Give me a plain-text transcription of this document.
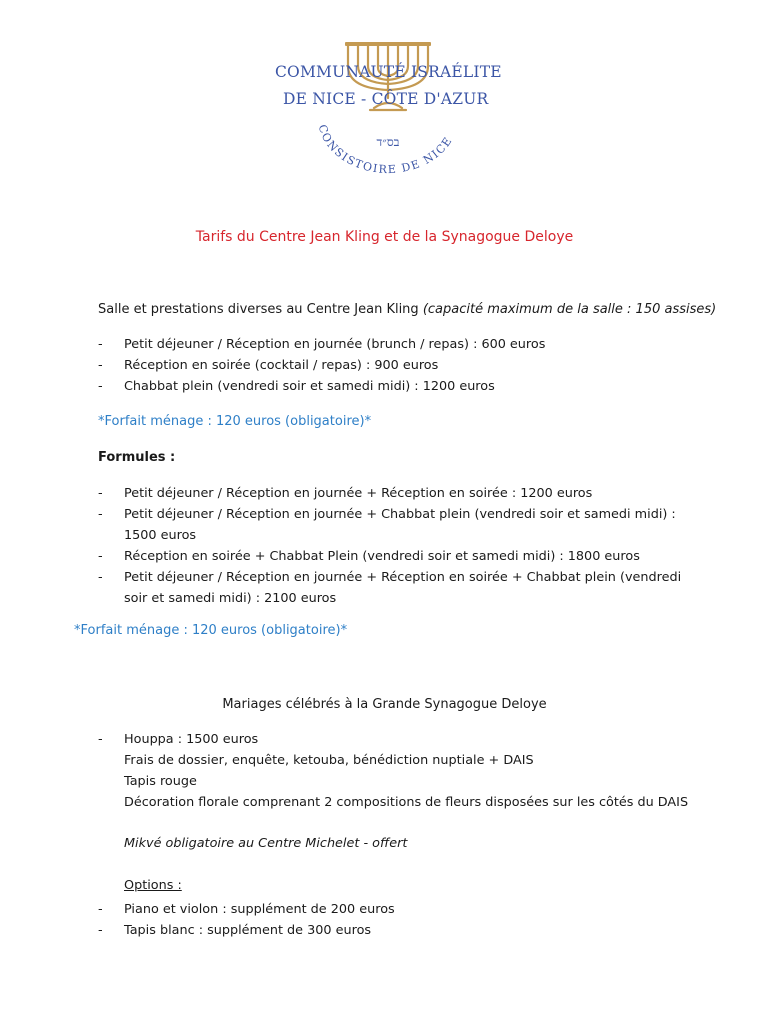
CONSISTOIRE DE NICE
בס״ד
COMMUNAUTÉ ISRAÉLITE
DE NICE - CÔTE D'AZUR
Tarifs du Centre Jean Kling et de la Synagogue Deloye
Salle et prestations diverses au Centre Jean Kling (capacité maximum de la salle : 150 assises)
- Petit déjeuner / Réception en journée (brunch / repas) : 600 euros
- Réception en soirée (cocktail / repas) : 900 euros
- Chabbat plein (vendredi soir et samedi midi) : 1200 euros
*Forfait ménage : 120 euros (obligatoire)*
Formules :
- Petit déjeuner / Réception en journée + Réception en soirée : 1200 euros
- Petit déjeuner / Réception en journée + Chabbat plein (vendredi soir et samedi midi) : 1500 euros
- Réception en soirée + Chabbat Plein (vendredi soir et samedi midi) : 1800 euros
- Petit déjeuner / Réception en journée + Réception en soirée + Chabbat plein (vendredi soir et samedi midi) : 2100 euros
*Forfait ménage : 120 euros (obligatoire)*
Mariages célébrés à la Grande Synagogue Deloye
- Houppa : 1500 euros
Frais de dossier, enquête, ketouba, bénédiction nuptiale + DAIS
Tapis rouge
Décoration florale comprenant 2 compositions de fleurs disposées sur les côtés du DAIS
Mikvé obligatoire au Centre Michelet - offert
Options :
- Piano et violon : supplément de 200 euros
- Tapis blanc : supplément de 300 euros
